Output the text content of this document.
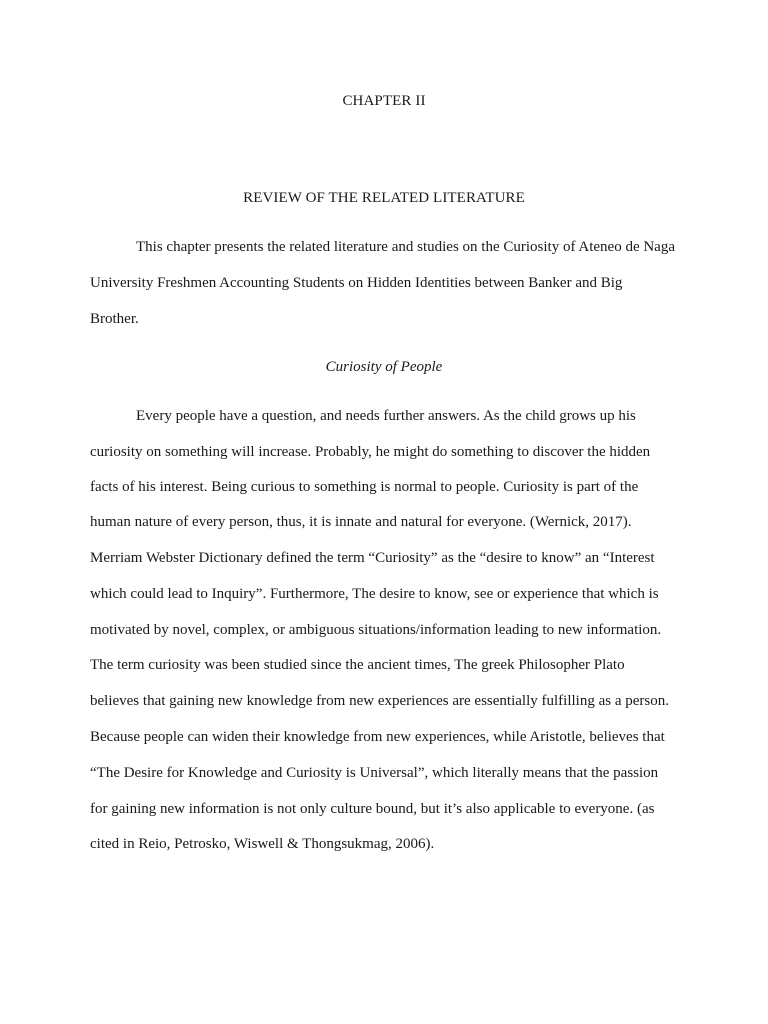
CHAPTER II
REVIEW OF THE RELATED LITERATURE

This chapter presents the related literature and studies on the Curiosity of Ateneo de Naga

University Freshmen Accounting Students on Hidden Identities between Banker and Big

Brother.

Curiosity of People

Every people have a question, and needs further answers. As the child grows up his

curiosity on something will increase. Probably, he might do something to discover the hidden

facts of his interest. Being curious to something is normal to people. Curiosity is part of the

human nature of every person, thus, it is innate and natural for everyone. (Wernick, 2017).

Merriam Webster Dictionary defined the term “Curiosity” as the “desire to know” an “Interest

which could lead to Inquiry”. Furthermore, The desire to know, see or experience that which is

motivated by novel, complex, or ambiguous situations/information leading to new information.

The term curiosity was been studied since the ancient times, The greek Philosopher Plato

believes that gaining new knowledge from new experiences are essentially fulfilling as a person.

Because people can widen their knowledge from new experiences, while Aristotle, believes that

“The Desire for Knowledge and Curiosity is Universal”, which literally means that the passion

for gaining new information is not only culture bound, but it’s also applicable to everyone. (as

cited in Reio, Petrosko, Wiswell & Thongsukmag, 2006).
